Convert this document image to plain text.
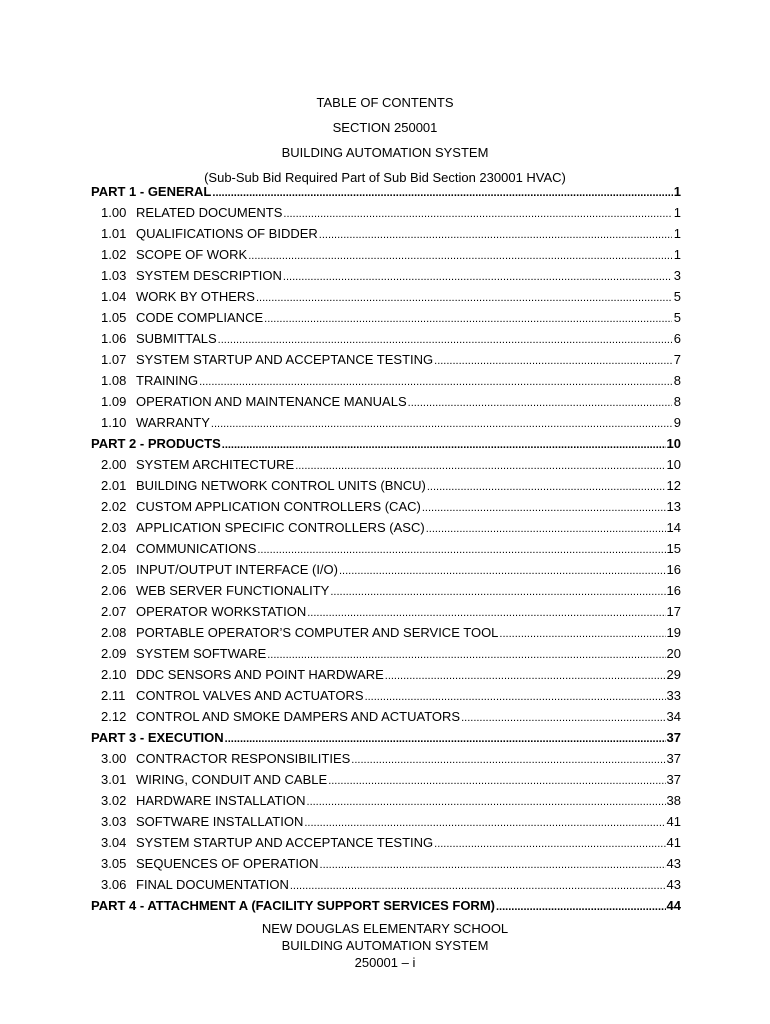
TABLE OF CONTENTS
SECTION 250001
BUILDING AUTOMATION SYSTEM
(Sub-Sub Bid Required Part of Sub Bid Section 230001 HVAC)
PART 1 - GENERAL .....	1
1.00 RELATED DOCUMENTS .....	1
1.01 QUALIFICATIONS OF BIDDER .....	1
1.02 SCOPE OF WORK .....	1
1.03 SYSTEM DESCRIPTION .....	3
1.04 WORK BY OTHERS .....	5
1.05 CODE COMPLIANCE .....	5
1.06 SUBMITTALS .....	6
1.07 SYSTEM STARTUP AND ACCEPTANCE TESTING .....	7
1.08 TRAINING .....	8
1.09 OPERATION AND MAINTENANCE MANUALS .....	8
1.10 WARRANTY .....	9
PART 2 - PRODUCTS .....	10
2.00 SYSTEM ARCHITECTURE .....	10
2.01 BUILDING NETWORK CONTROL UNITS (BNCU) .....	12
2.02 CUSTOM APPLICATION CONTROLLERS (CAC) .....	13
2.03 APPLICATION SPECIFIC CONTROLLERS (ASC) .....	14
2.04 COMMUNICATIONS .....	15
2.05 INPUT/OUTPUT INTERFACE (I/O) .....	16
2.06 WEB SERVER FUNCTIONALITY .....	16
2.07 OPERATOR WORKSTATION .....	17
2.08 PORTABLE OPERATOR’S COMPUTER AND SERVICE TOOL .....	19
2.09 SYSTEM SOFTWARE .....	20
2.10 DDC SENSORS AND POINT HARDWARE .....	29
2.11 CONTROL VALVES AND ACTUATORS .....	33
2.12 CONTROL AND SMOKE DAMPERS AND ACTUATORS .....	34
PART 3 - EXECUTION .....	37
3.00 CONTRACTOR RESPONSIBILITIES .....	37
3.01 WIRING, CONDUIT AND CABLE .....	37
3.02 HARDWARE INSTALLATION .....	38
3.03 SOFTWARE INSTALLATION .....	41
3.04 SYSTEM STARTUP AND ACCEPTANCE TESTING .....	41
3.05 SEQUENCES OF OPERATION .....	43
3.06 FINAL DOCUMENTATION .....	43
PART 4 - ATTACHMENT A (FACILITY SUPPORT SERVICES FORM) .....	44
NEW DOUGLAS ELEMENTARY SCHOOL
BUILDING AUTOMATION SYSTEM
250001 – i
